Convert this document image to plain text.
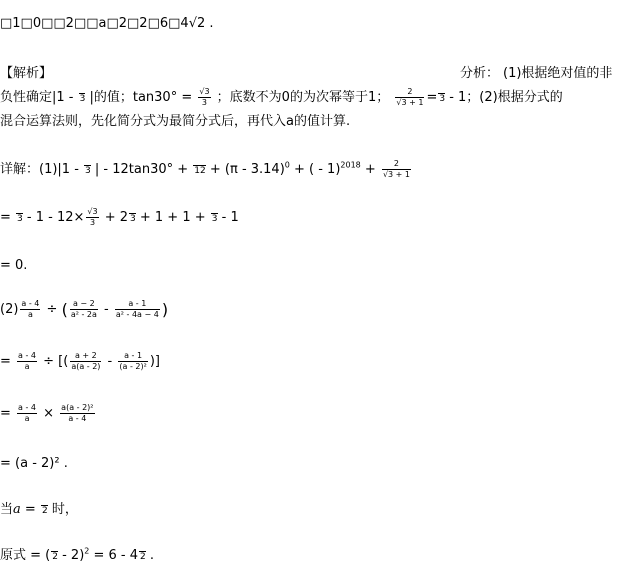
□1□0□□2□□a□2□2□6□4√2 .
【解析】	分析： (1)根据绝对值的非
负性确定|1 - 3 |的值；$\tan 30^\circ = \frac{√3}{3}$ ；底数不为0的为次幂等于1； $\frac{2}{√3 + 1} = 3 - 1$；(2)根据分式的
混合运算法则，先化简分式为最简分式后，再代入a的值计算.
详解：(1)|1 - 3 | - 12tan30° + 12 + (π - 3.14)$^0$ + ( - $1)^{2018} + \frac{2}{√3 + 1}$
= $3 - 1 - 12\times \frac{√3}{3} + 2$ 3 + 1 + 1 + 3 - 1
= 0.
$(2) \frac{a - 4}{a}$ ÷ ( $\frac{a - 2}{\text{a² - 2a}} - \frac{a - 1}{\text{a² - 4a − 4}}$ )
= $\frac{a - 4}{a}$ ÷ [( $\frac{a + 2}{a(a - 2)} - \frac{a - 1}{\text{(a - 2)²}}$ )]
= $\frac{a - 4}{a} \times \frac{\text{a(a - 2)²}}{a - 4}$
= (a - 2)² .
当a = 2 时，
原式 = ( 2 - 2)$^2$ = 6 - 4 2 .
